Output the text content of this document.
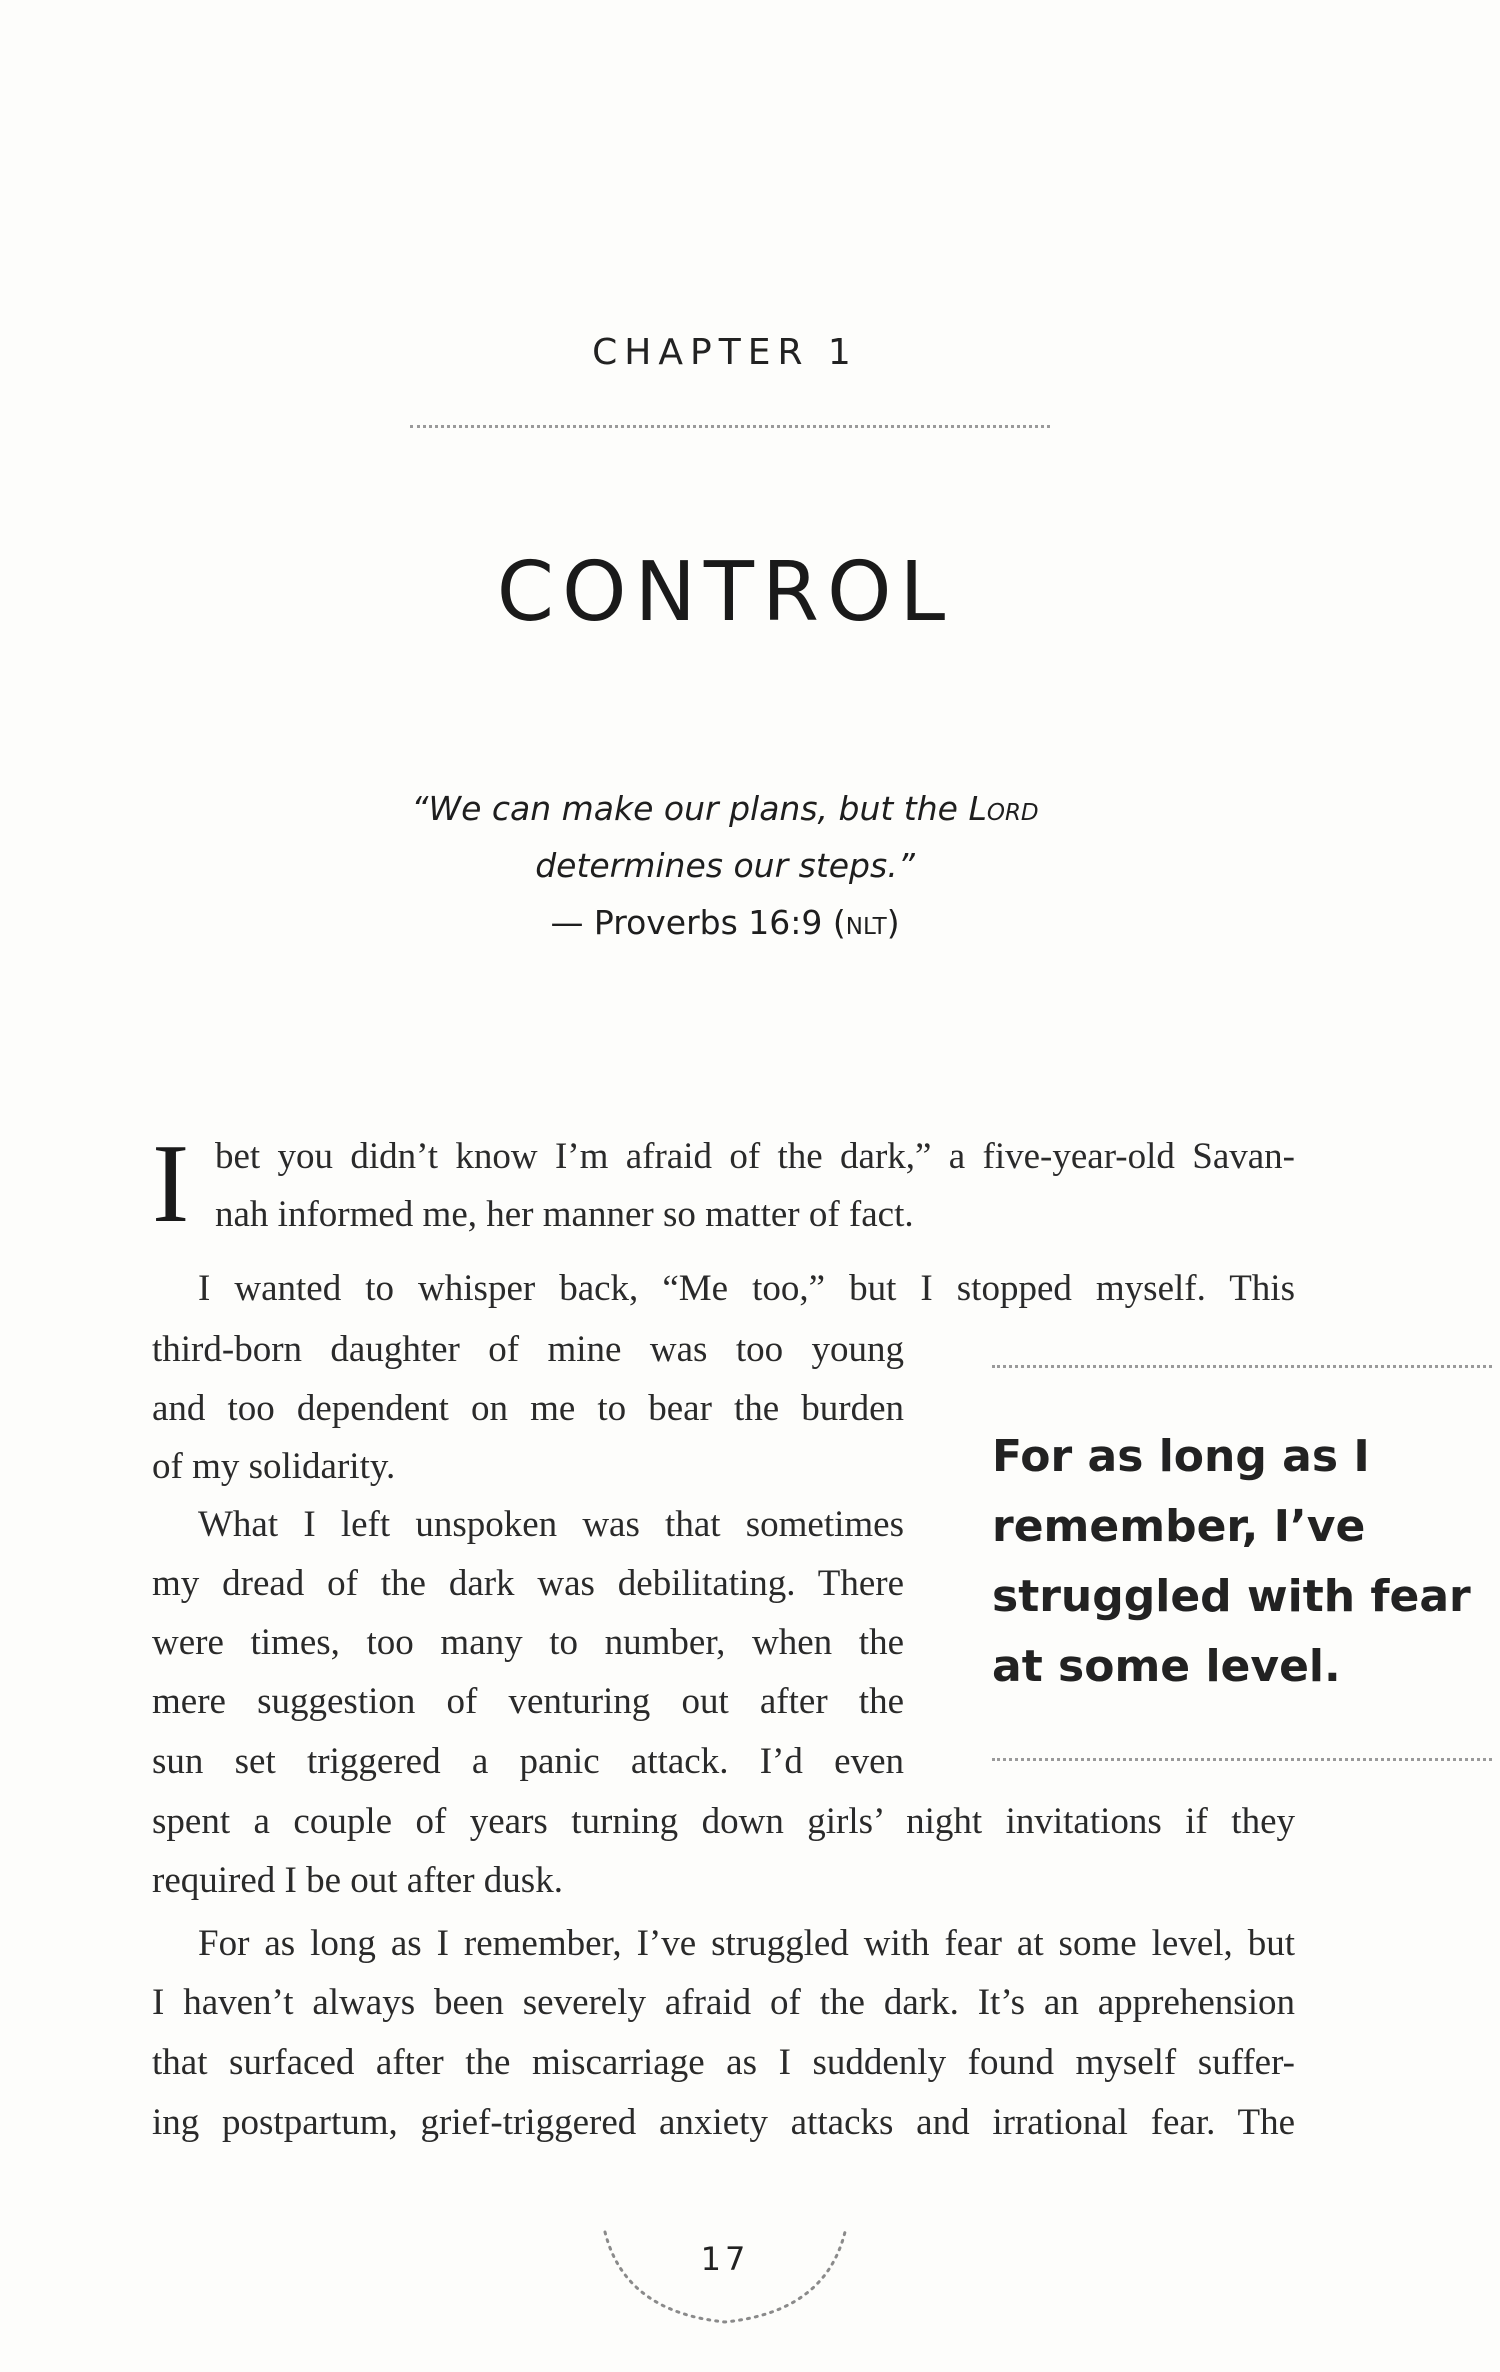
CHAPTER 1
CONTROL
“We can make our plans, but the Lord
determines our steps.”
— Proverbs 16:9 (nlt)
I bet you didn’t know I’m afraid of the dark,” a five-year-old Savan-
nah informed me, her manner so matter of fact.
I wanted to whisper back, “Me too,” but I stopped myself. This
third-born daughter of mine was too young
and too dependent on me to bear the burden
of my solidarity.
What I left unspoken was that sometimes
my dread of the dark was debilitating. There
were times, too many to number, when the
mere suggestion of venturing out after the
sun set triggered a panic attack. I’d even
spent a couple of years turning down girls’ night invitations if they
required I be out after dusk.
For as long as I remember, I’ve struggled with fear at some level, but
I haven’t always been severely afraid of the dark. It’s an apprehension
that surfaced after the miscarriage as I suddenly found myself suffer-
ing postpartum, grief-triggered anxiety attacks and irrational fear. The
For as long as I
remember, I’ve
struggled with fear
at some level.
17
